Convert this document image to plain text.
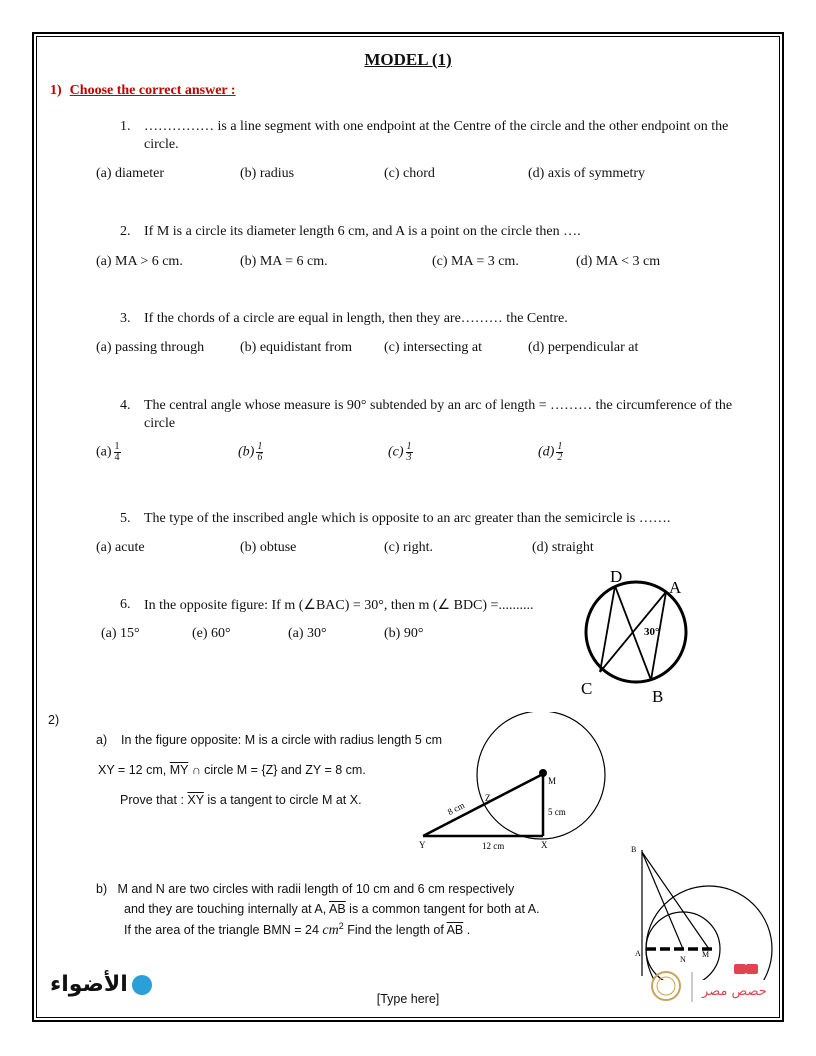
MODEL (1)
1) Choose the correct answer :
1. …………… is a line segment with one endpoint at the Centre of the circle and the other endpoint on the
circle.
(a) diameter	(b) radius	(c) chord	(d) axis of symmetry
2. If M is a circle its diameter length 6 cm, and A is a point on the circle then ….
(a) MA > 6 cm.	(b) MA = 6 cm.	(c) MA = 3 cm.	(d) MA < 3 cm
3. If the chords of a circle are equal in length, then they are……… the Centre.
(a) passing through	(b) equidistant from (c) intersecting at	(d) perpendicular at
4. The central angle whose measure is 90° subtended by an arc of length = ……… the circumference of the
circle
$(a) \frac{1}{4}$	$(b) \frac{1}{6}$	$(c) \frac{1}{3}$	$(d) \frac{1}{2}$
5. The type of the inscribed angle which is opposite to an arc greater than the semicircle is …….
(a) acute	(b) obtuse	(c) right.	(d) straight
6. In the opposite figure: If m (∠BAC) = 30°, then m (∠ BDC) =..........
(a) 15°	(e) 60°	(a) 30°	(b) 90°
D
A
C	B
30°
2)
a) In the figure opposite: M is a circle with radius length 5 cm
XY = 12 cm, $\overline{MY}$ ∩ circle M = {Z} and ZY = 8 cm.
Prove that : $\overline{XY}$ is a tangent to circle M at X.
M
Z
Y	X
8 cm	5 cm
12 cm
b) M and N are two circles with radii length of 10 cm and 6 cm respectively
and they are touching internally at A, $\overline{AB}$ is a common tangent for both at A.
If the area of the triangle BMN = 24 $cm^2$ Find the length of $\overline{AB}$ .
B
A
N
M
[Type here]
الأضواء	حصص مصر
